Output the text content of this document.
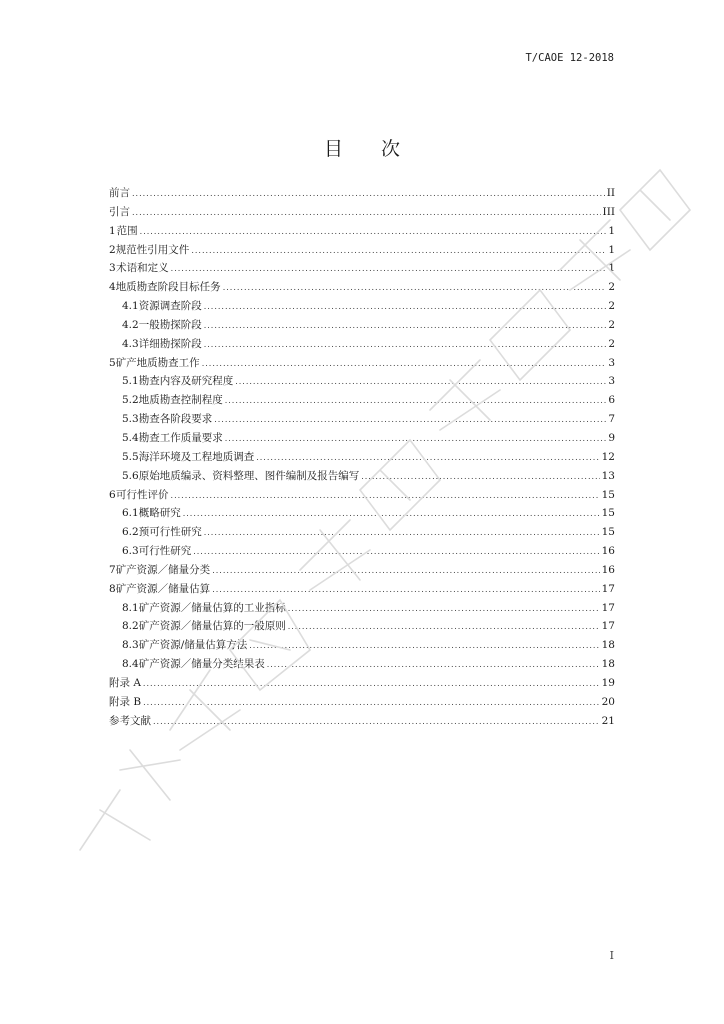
T/CAOE 12-2018
目次
前言 .....	II
引言 .....	III
1 范围 .....	1
2 规范性引用文件 .....	1
3 术语和定义 .....	1
4 地质勘查阶段目标任务 .....	2
4.1 资源调查阶段 .....	2
4.2 一般勘探阶段 .....	2
4.3 详细勘探阶段 .....	2
5 矿产地质勘查工作 .....	3
5.1 勘查内容及研究程度 .....	3
5.2 地质勘查控制程度 .....	6
5.3 勘查各阶段要求 .....	7
5.4 勘查工作质量要求 .....	9
5.5 海洋环境及工程地质调查 .....	12
5.6 原始地质编录、资料整理、图件编制及报告编写 .....	13
6 可行性评价 .....	15
6.1 概略研究 .....	15
6.2 预可行性研究 .....	15
6.3 可行性研究 .....	16
7 矿产资源／储量分类 .....	16
8 矿产资源／储量估算 .....	17
8.1 矿产资源／储量估算的工业指标 .....	17
8.2 矿产资源／储量估算的一般原则 .....	17
8.3 矿产资源/储量估算方法 .....	18
8.4 矿产资源／储量分类结果表 .....	18
附录 A .....	19
附录 B .....	20
参考文献 .....	21
I
